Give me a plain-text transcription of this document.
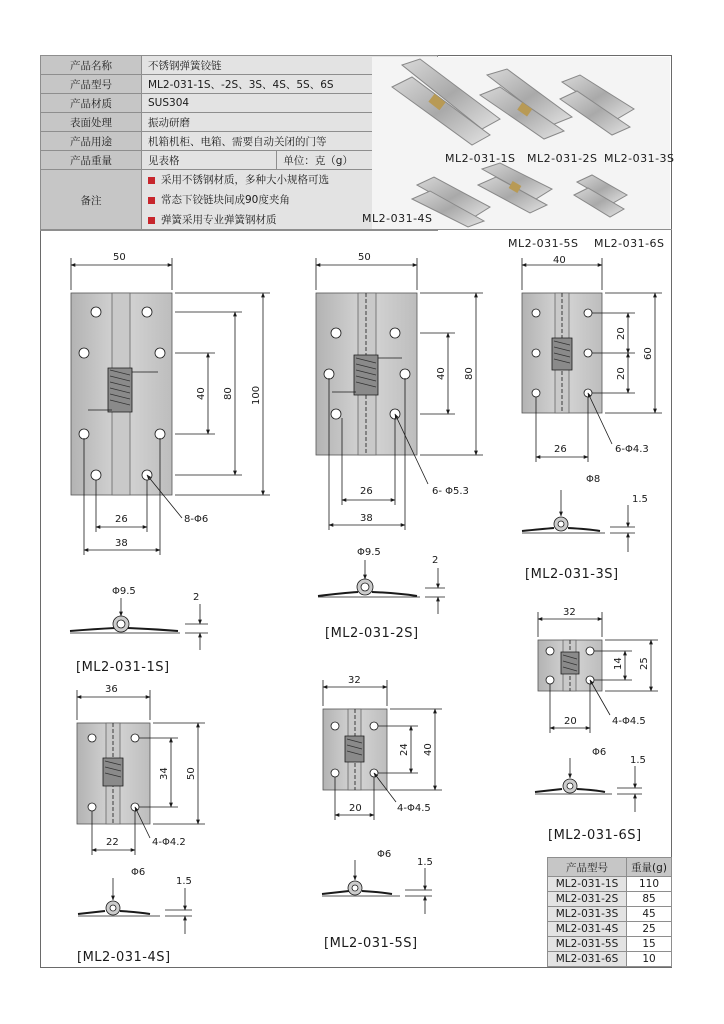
产品名称	不锈钢弹簧铰链	
产品型号	ML2-031-1S、-2S、3S、4S、5S、6S	
产品材质	SUS304	
表面处理	振动研磨	
产品用途	机箱机柜、电箱、需要自动关闭的门等	
产品重量	见表格	单位：克（g）
备注	采用不锈钢材质，多种大小规格可选
常态下铰链块间成90度夹角
弹簧采用专业弹簧钢材质	
ML2-031-1S ML2-031-2S ML2-031-3S
ML2-031-4S
ML2-031-5S ML2-031-6S
50
40 80 100
26
38
8-Φ6
Φ9.5
2
50
40 80
26
38
6- Φ5.3
Φ9.5
2
40
20
20
60
26	6-Φ4.3
Φ8
1.5
36
34 50
22	4-Φ4.2
Φ6
1.5
32
24 40
20	4-Φ4.5
Φ6
1.5
32
14 25
20	4-Φ4.5
Φ6
1.5
[ML2-031-1S]
[ML2-031-2S]
[ML2-031-3S]
[ML2-031-4S]
[ML2-031-5S]
[ML2-031-6S]
产品型号	重量(g)
ML2-031-1S	110
ML2-031-2S	85
ML2-031-3S	45
ML2-031-4S	25
ML2-031-5S	15
ML2-031-6S	10
